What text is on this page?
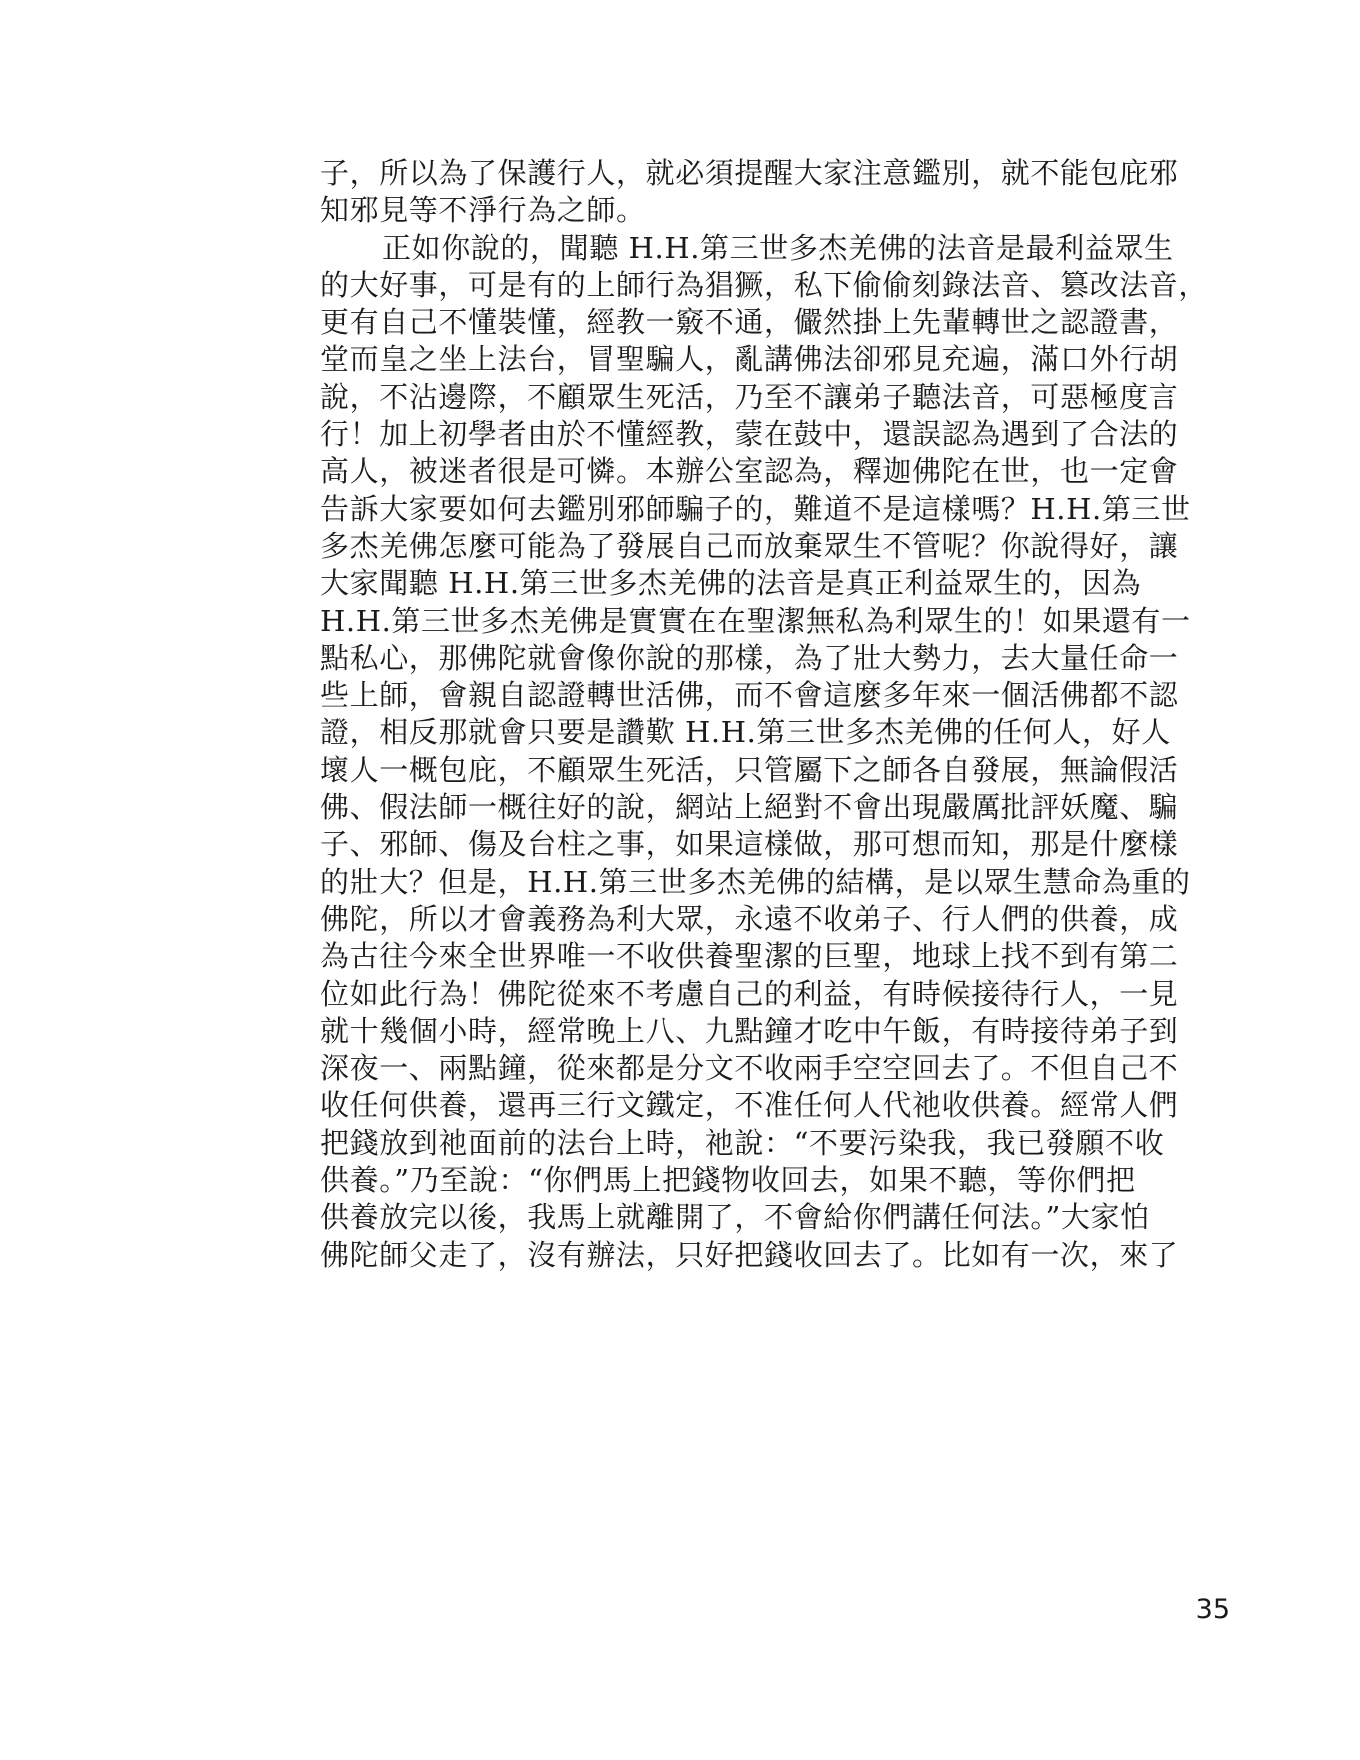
子，所以為了保護行人，就必須提醒大家注意鑑別，就不能包庇邪
知邪見等不淨行為之師。
正如你說的，聞聽 H.H.第三世多杰羌佛的法音是最利益眾生
的大好事，可是有的上師行為猖獗，私下偷偷刻錄法音、篡改法音，
更有自己不懂裝懂，經教一竅不通，儼然掛上先輩轉世之認證書，
堂而皇之坐上法台，冒聖騙人，亂講佛法卻邪見充遍，滿口外行胡
說，不沾邊際，不顧眾生死活，乃至不讓弟子聽法音，可惡極度言
行！加上初學者由於不懂經教，蒙在鼓中，還誤認為遇到了合法的
高人，被迷者很是可憐。本辦公室認為，釋迦佛陀在世，也一定會
告訴大家要如何去鑑別邪師騙子的，難道不是這樣嗎？H.H.第三世
多杰羌佛怎麼可能為了發展自己而放棄眾生不管呢？你說得好，讓
大家聞聽 H.H.第三世多杰羌佛的法音是真正利益眾生的，因為
H.H.第三世多杰羌佛是實實在在聖潔無私為利眾生的！如果還有一
點私心，那佛陀就會像你說的那樣，為了壯大勢力，去大量任命一
些上師，會親自認證轉世活佛，而不會這麼多年來一個活佛都不認
證，相反那就會只要是讚歎 H.H.第三世多杰羌佛的任何人，好人
壞人一概包庇，不顧眾生死活，只管屬下之師各自發展，無論假活
佛、假法師一概往好的說，網站上絕對不會出現嚴厲批評妖魔、騙
子、邪師、傷及台柱之事，如果這樣做，那可想而知，那是什麼樣
的壯大？但是，H.H.第三世多杰羌佛的結構，是以眾生慧命為重的
佛陀，所以才會義務為利大眾，永遠不收弟子、行人們的供養，成
為古往今來全世界唯一不收供養聖潔的巨聖，地球上找不到有第二
位如此行為！佛陀從來不考慮自己的利益，有時候接待行人，一見
就十幾個小時，經常晚上八、九點鐘才吃中午飯，有時接待弟子到
深夜一、兩點鐘，從來都是分文不收兩手空空回去了。不但自己不
收任何供養，還再三行文鐵定，不准任何人代祂收供養。經常人們
把錢放到祂面前的法台上時，祂說：“不要污染我，我已發願不收
供養。”乃至說：“你們馬上把錢物收回去，如果不聽，等你們把
供養放完以後，我馬上就離開了，不會給你們講任何法。”大家怕
佛陀師父走了，沒有辦法，只好把錢收回去了。比如有一次，來了
35
